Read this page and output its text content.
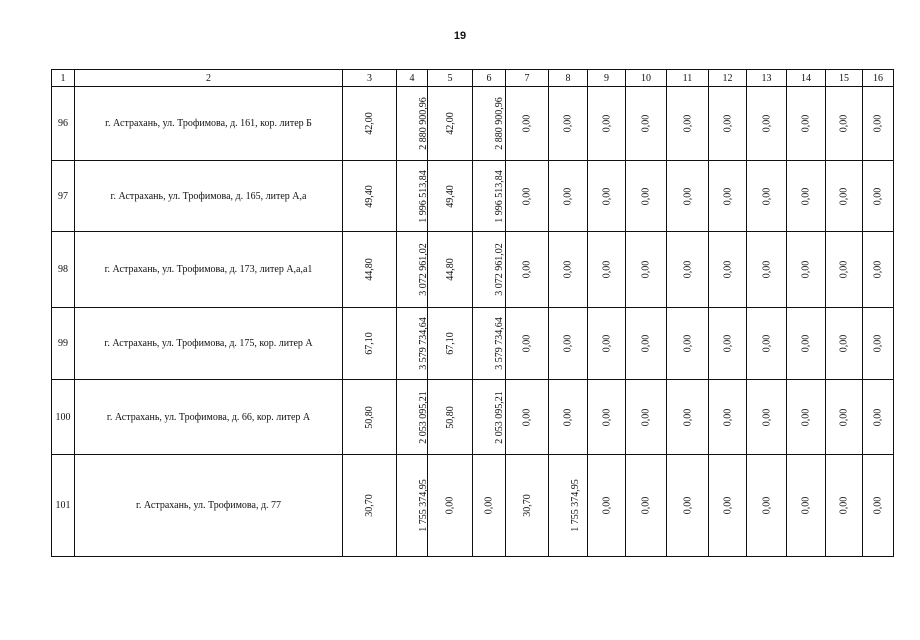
19
1	2	3	4	5	6	7	8	9	10	11	12	13	14	15	16
96	г. Астрахань, ул. Трофимова, д. 161, кор. литер Б	42,00	2 880 900,96	42,00	2 880 900,96	0,00	0,00	0,00	0,00	0,00	0,00	0,00	0,00	0,00	0,00
97	г. Астрахань, ул. Трофимова, д. 165, литер А,а	49,40	1 996 513,84	49,40	1 996 513,84	0,00	0,00	0,00	0,00	0,00	0,00	0,00	0,00	0,00	0,00
98	г. Астрахань, ул. Трофимова, д. 173, литер А,а,а1	44,80	3 072 961,02	44,80	3 072 961,02	0,00	0,00	0,00	0,00	0,00	0,00	0,00	0,00	0,00	0,00
99	г. Астрахань, ул. Трофимова, д. 175, кор. литер А	67,10	3 579 734,64	67,10	3 579 734,64	0,00	0,00	0,00	0,00	0,00	0,00	0,00	0,00	0,00	0,00
100	г. Астрахань, ул. Трофимова, д. 66, кор. литер А	50,80	2 053 095,21	50,80	2 053 095,21	0,00	0,00	0,00	0,00	0,00	0,00	0,00	0,00	0,00	0,00
101	г. Астрахань, ул. Трофимова, д. 77	30,70	1 755 374,95	0,00	0,00	30,70	1 755 374,95	0,00	0,00	0,00	0,00	0,00	0,00	0,00	0,00
